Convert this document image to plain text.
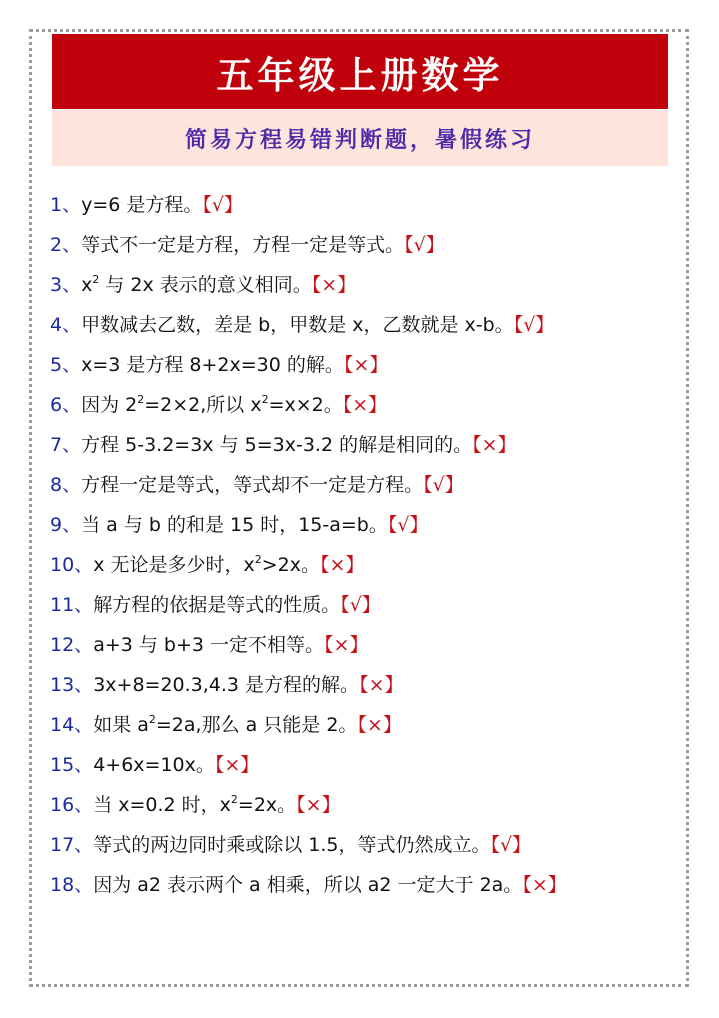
五年级上册数学
简易方程易错判断题，暑假练习
1、y=6 是方程。【√】
2、等式不一定是方程，方程一定是等式。【√】
3、$x^2$ 与 2x 表示的意义相同。【×】
4、甲数减去乙数，差是 b，甲数是 x，乙数就是 x-b。【√】
5、x=3 是方程 8+2x=30 的解。【×】
6、因为 $2^2=2\times 2$,所以 $x^2=x\times 2$。【×】
7、方程 5-3.2=3x 与 5=3x-3.2 的解是相同的。【×】
8、方程一定是等式，等式却不一定是方程。【√】
9、当 a 与 b 的和是 15 时，15-a=b。【√】
10、x 无论是多少时，$x^2>2x$。【×】
11、解方程的依据是等式的性质。【√】
12、a+3 与 b+3 一定不相等。【×】
13、3x+8=20.3,4.3 是方程的解。【×】
14、如果 $a^2=2a$,那么 a 只能是 2。【×】
15、4+6x=10x。【×】
16、当 x=0.2 时，$x^2=2x$。【×】
17、等式的两边同时乘或除以 1.5，等式仍然成立。【√】
18、因为 a2 表示两个 a 相乘，所以 a2 一定大于 2a。【×】
